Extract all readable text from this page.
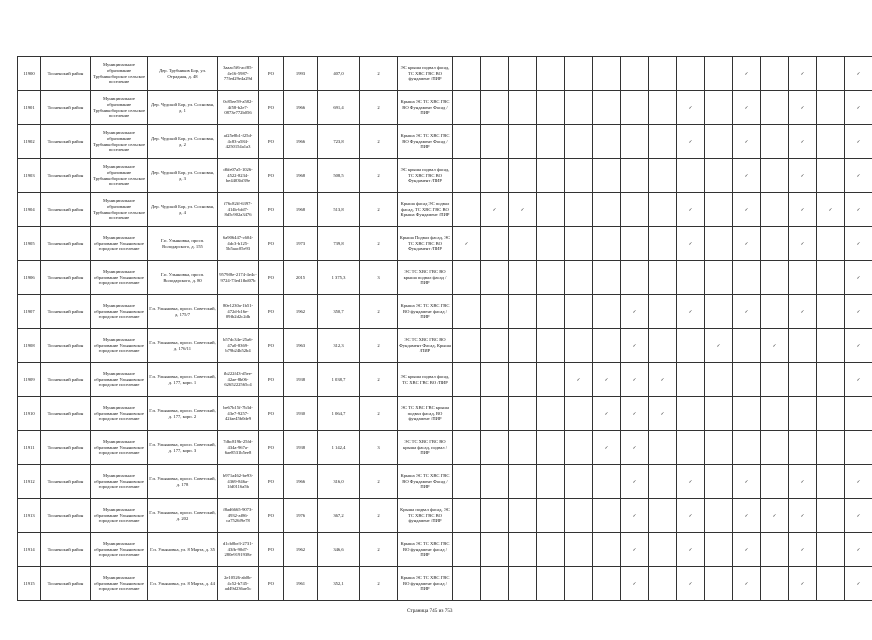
11900	Тосненский район	Муниципальное образование Трубникоборское сельское поселение	Дер. Трубников Бор, ул. Отрадная, д. 48	3aaac5f6-acf85-4e16-5987-77fed29e4a29d	РО	1993	407,0	2	ЭС крыша подвал фасад, ТС ХВС ГВС ВО фундамент /ПИР											✓		✓		✓
11901	Тосненский район	Муниципальное образование Трубникоборское сельское поселение	Дер. Чудской Бор, ул. Сосновая, д. 1	0c85ee59-a582-4f58-b2e7-0873e772b056	РО	1966	691,4	2	Крыша ЭС ТС ХВС ГВС ВО Фундамент Фасад /ПИР									✓		✓		✓		✓
11902	Тосненский район	Муниципальное образование Трубникоборское сельское поселение	Дер. Чудской Бор, ул. Сосновая, д. 2	af25e8b1-f25d-4c83-a584-4250154a1a3	РО	1966	723,8	2	Крыша ЭС ТС ХВС ГВС ВО Фундамент Фасад /ПИР									✓		✓		✓		✓
11903	Тосненский район	Муниципальное образование Трубникоборское сельское поселение	Дер. Чудской Бор, ул. Сосновая, д. 3	d6fe07a5-1026-4522-8234-be4403bf39e	РО	1968	508,5	2	ЭС крыша подвал фасад, ТС ХВС ГВС ВО Фундамент /ПИР											✓		✓		✓
11904	Тосненский район	Муниципальное образование Трубникоборское сельское поселение	Дер. Чудской Бор, ул. Сосновая, д. 4	f76c82ff-6397-414b-bfd7-8d5c902a3476	РО	1968	513,8	2	Крыша фасад ЭС подвал фасад, ТС ХВС ГВС ВО Крыша Фундамент /ПИР		✓	✓						✓		✓		✓	✓	✓
11905	Тосненский район	Муниципальное образование Ульяновское городское поселение	Г.п. Ульяновка, просп. Володарского, д. 155	6a906447-c604-4dc3-b125-5b5aac05e93	РО	1973	739,8	2	Крыша Подвал фасад, ЭС ТС ХВС ГВС ВО Фундамент /ПИР	✓								✓		✓		✓		✓
11906	Тосненский район	Муниципальное образование Ульяновское городское поселение	Г.п. Ульяновка, просп. Володарского, д. 80	9579f8e-2174-4e4c-9724-73ed1fbd07b	РО	2015	1 375,3	3	ЭС ТС ХВС ГВС ВО крыша подвал фасад /ПИР															✓
11907	Тосненский район	Муниципальное образование Ульяновское городское поселение	Г.п. Ульяновка, просп. Советский, д. 175/7	80e1230a-1b51-472d-b16e-09fb2d2c2db	РО	1962	350,7	2	Крыша ЭС ТС ХВС ГВС ВО фундамент фасад /ПИР							✓		✓		✓		✓		✓
11908	Тосненский район	Муниципальное образование Ульяновское городское поселение	Г.п. Ульяновка, просп. Советский, д. 176/11	b57dc34e-25a6-47a0-8369-b79b24b52b4	РО	1963	312,3	2	ЭС ТС ХВС ГВС ВО Фундамент Фасад, Крыша /ПИР							✓			✓		✓			✓
11909	Тосненский район	Муниципальное образование Ульяновское городское поселение	Г.п. Ульяновка, просп. Советский, д. 177, корп. 1	fb222f43-d5ee-42ae-8b06-6265222565c4	РО	1938	1 038,7	2	ЭС крыша подвал фасад, ТС ХВС ГВС ВО /ПИР					✓	✓	✓	✓							✓
11910	Тосненский район	Муниципальное образование Ульяновское городское поселение	Г.п. Ульяновка, просп. Советский, д. 177, корп. 2	be67b15f-7b3d-43e7-9257-42fae45b0de9	РО	1930	1 064,7	2	ЭС ТС ХВС ГВС крыша подвал фасад, ВО фундамент /ПИР						✓	✓	✓							
11911	Тосненский район	Муниципальное образование Ульяновское городское поселение	Г.п. Ульяновка, просп. Советский, д. 177, корп. 3	7dbc819b-25fd-434a-967a-6ae8531b5ee8	РО	1938	1 142,4	3	ЭС ТС ХВС ГВС ВО крыша фасад, подвал /ПИР						✓	✓								
11912	Тосненский район	Муниципальное образование Ульяновское городское поселение	Г.п. Ульяновка, просп. Советский, д. 178	b971a462-be93-4369-846a-1fd0116a5b	РО	1966	316,0	2	Крыша ЭС ТС ХВС ГВС ВО Фундамент Фасад /ПИР							✓		✓		✓		✓		✓
11913	Тосненский район	Муниципальное образование Ульяновское городское поселение	Г.п. Ульяновка, просп. Советский, д. 202	f8ad6665-9073-4932-af86-ca7526f9e78	РО	1976	367,2	2	Крыша подвал фасад, ЭС ТС ХВС ГВС ВО фундамент /ПИР							✓		✓		✓	✓	✓		✓
11914	Тосненский район	Муниципальное образование Ульяновское городское поселение	Г.п. Ульяновка, ул. 8 Марта, д. 35	d1cb0be3-2731-43fb-90d7-280e9191938e	РО	1962	346,6	2	Крыша ЭС ТС ХВС ГВС ВО фундамент фасад /ПИР							✓		✓		✓		✓		✓
11915	Тосненский район	Муниципальное образование Ульяновское городское поселение	Г.п. Ульяновка, ул. 8 Марта, д. 44	2e10526-ab0b-4c52-b745-ad49d236ae5c	РО	1961	352,1	2	Крыша ЭС ТС ХВС ГВС ВО фундамент фасад /ПИР							✓		✓		✓		✓		✓
Страница 745 из 753
